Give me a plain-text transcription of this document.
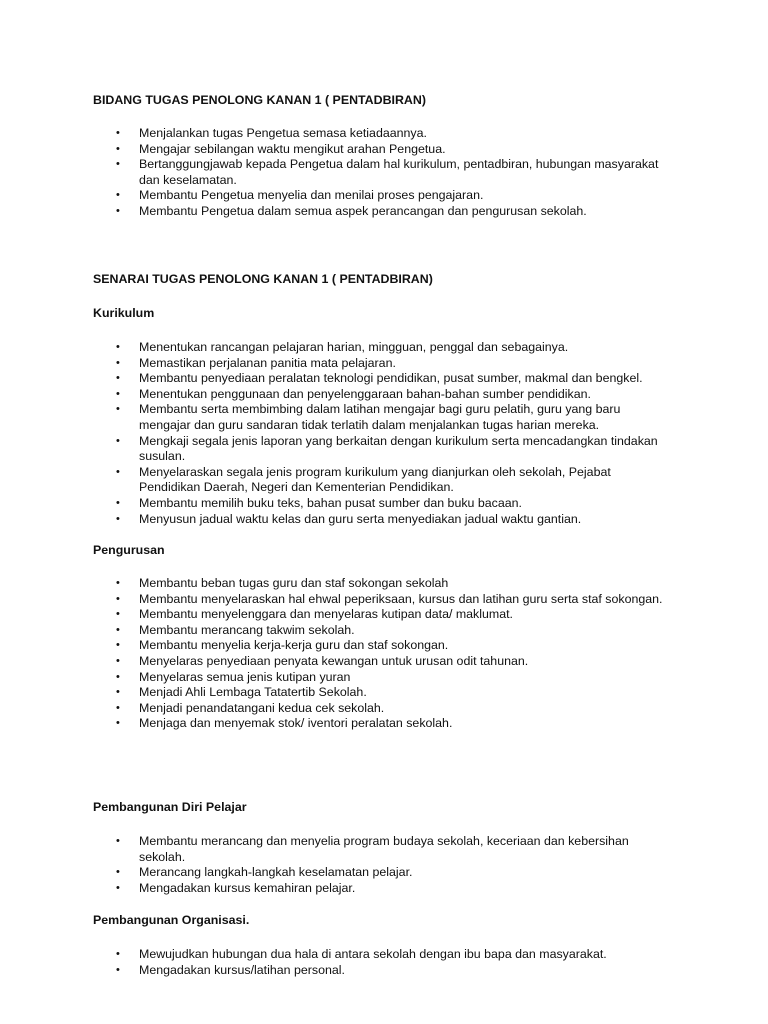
BIDANG TUGAS PENOLONG KANAN 1 ( PENTADBIRAN)
• Menjalankan tugas Pengetua semasa ketiadaannya.
• Mengajar sebilangan waktu mengikut arahan Pengetua.
• Bertanggungjawab kepada Pengetua dalam hal kurikulum, pentadbiran, hubungan masyarakat dan keselamatan.
• Membantu Pengetua menyelia dan menilai proses pengajaran.
• Membantu Pengetua dalam semua aspek perancangan dan pengurusan sekolah.
SENARAI TUGAS PENOLONG KANAN 1 ( PENTADBIRAN)
Kurikulum
• Menentukan rancangan pelajaran harian, mingguan, penggal dan sebagainya.
• Memastikan perjalanan panitia mata pelajaran.
• Membantu penyediaan peralatan teknologi pendidikan, pusat sumber, makmal dan bengkel.
• Menentukan penggunaan dan penyelenggaraan bahan-bahan sumber pendidikan.
• Membantu serta membimbing dalam latihan mengajar bagi guru pelatih, guru yang baru mengajar dan guru sandaran tidak terlatih dalam menjalankan tugas harian mereka.
• Mengkaji segala jenis laporan yang berkaitan dengan kurikulum serta mencadangkan tindakan susulan.
• Menyelaraskan segala jenis program kurikulum yang dianjurkan oleh sekolah, Pejabat Pendidikan Daerah, Negeri dan Kementerian Pendidikan.
• Membantu memilih buku teks, bahan pusat sumber dan buku bacaan.
• Menyusun jadual waktu kelas dan guru serta menyediakan jadual waktu gantian.
Pengurusan
• Membantu beban tugas guru dan staf sokongan sekolah
• Membantu menyelaraskan hal ehwal peperiksaan, kursus dan latihan guru serta staf sokongan.
• Membantu menyelenggara dan menyelaras kutipan data/ maklumat.
• Membantu merancang takwim sekolah.
• Membantu menyelia kerja-kerja guru dan staf sokongan.
• Menyelaras penyediaan penyata kewangan untuk urusan odit tahunan.
• Menyelaras semua jenis kutipan yuran
• Menjadi Ahli Lembaga Tatatertib Sekolah.
• Menjadi penandatangani kedua cek sekolah.
• Menjaga dan menyemak stok/ iventori peralatan sekolah.
Pembangunan Diri Pelajar
• Membantu merancang dan menyelia program budaya sekolah, keceriaan dan kebersihan sekolah.
• Merancang langkah-langkah keselamatan pelajar.
• Mengadakan kursus kemahiran pelajar.
Pembangunan Organisasi.
• Mewujudkan hubungan dua hala di antara sekolah dengan ibu bapa dan masyarakat.
• Mengadakan kursus/latihan personal.
